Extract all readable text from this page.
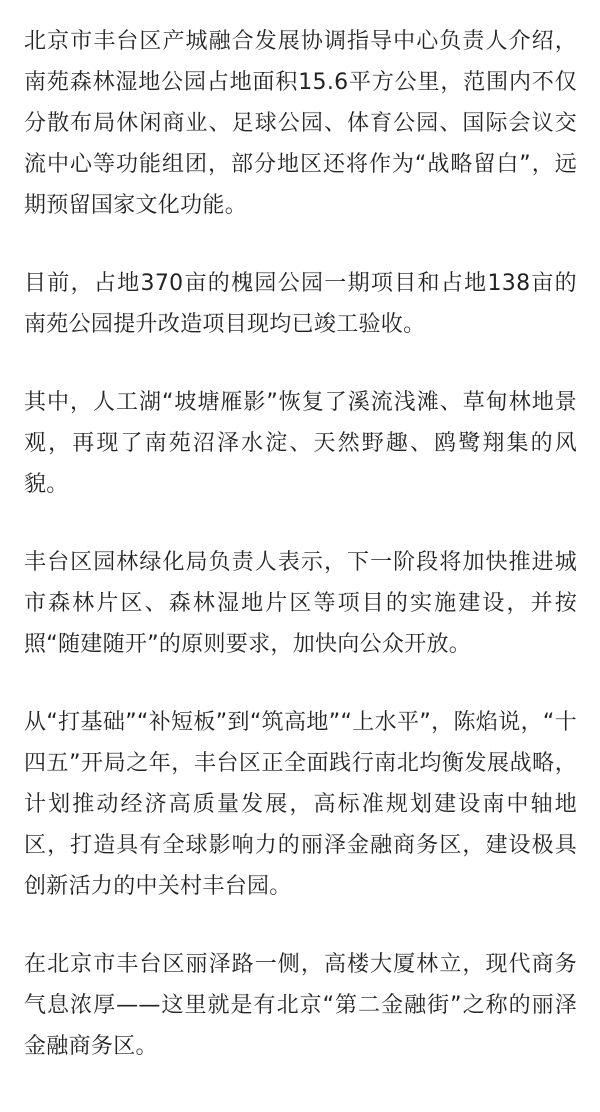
北京市丰台区产城融合发展协调指导中心负责人介绍，南苑森林湿地公园占地面积15.6平方公里，范围内不仅分散布局休闲商业、足球公园、体育公园、国际会议交流中心等功能组团，部分地区还将作为“战略留白”，远期预留国家文化功能。

目前，占地370亩的槐园公园一期项目和占地138亩的南苑公园提升改造项目现均已竣工验收。

其中，人工湖“坡塘雁影”恢复了溪流浅滩、草甸林地景观，再现了南苑沼泽水淀、天然野趣、鸥鹭翔集的风貌。

丰台区园林绿化局负责人表示，下一阶段将加快推进城市森林片区、森林湿地片区等项目的实施建设，并按照“随建随开”的原则要求，加快向公众开放。

从“打基础”“补短板”到“筑高地”“上水平”，陈焰说，“十四五”开局之年，丰台区正全面践行南北均衡发展战略，计划推动经济高质量发展，高标准规划建设南中轴地区，打造具有全球影响力的丽泽金融商务区，建设极具创新活力的中关村丰台园。

在北京市丰台区丽泽路一侧，高楼大厦林立，现代商务气息浓厚——这里就是有北京“第二金融街”之称的丽泽金融商务区。
